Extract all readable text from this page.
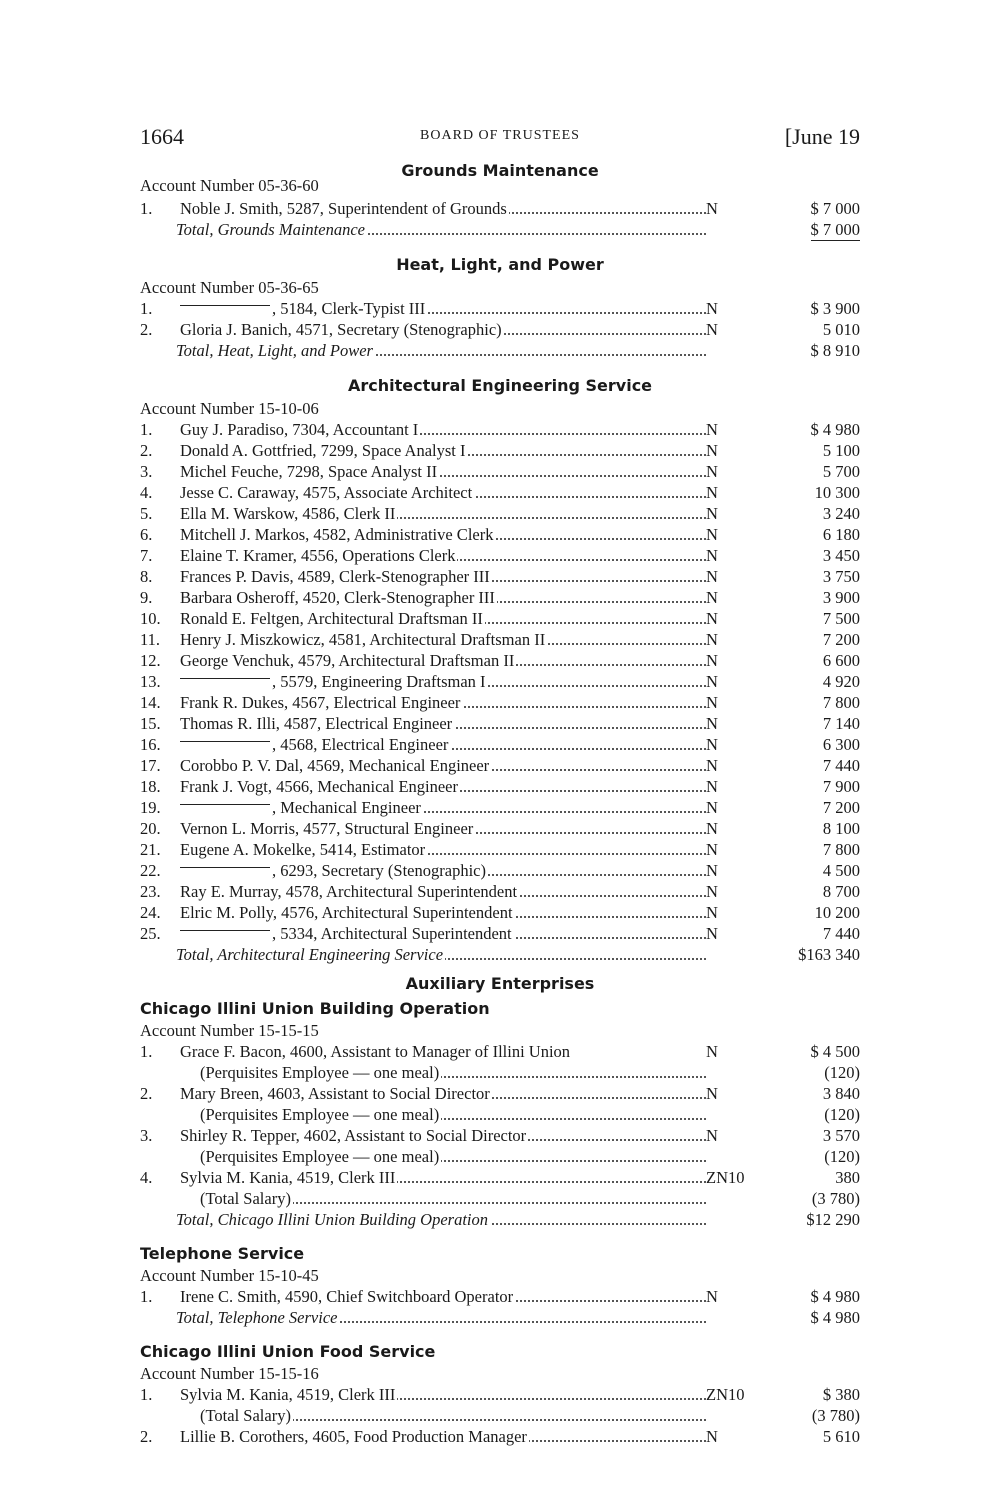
1664	BOARD OF TRUSTEES	[June 19
Grounds Maintenance
Account Number 05-36-60
1.	Noble J. Smith, 5287, Superintendent of Grounds	N	$ 7 000
Total, Grounds Maintenance	$ 7 000
Heat, Light, and Power
Account Number 05-36-65
1.	, 5184, Clerk-Typist III	N	$ 3 900
2.	Gloria J. Banich, 4571, Secretary (Stenographic)	N	5 010
Total, Heat, Light, and Power	$ 8 910
Architectural Engineering Service
Account Number 15-10-06
1.	Guy J. Paradiso, 7304, Accountant I	N	$ 4 980
2.	Donald A. Gottfried, 7299, Space Analyst I	N	5 100
3.	Michel Feuche, 7298, Space Analyst II	N	5 700
4.	Jesse C. Caraway, 4575, Associate Architect	N	10 300
5.	Ella M. Warskow, 4586, Clerk II	N	3 240
6.	Mitchell J. Markos, 4582, Administrative Clerk	N	6 180
7.	Elaine T. Kramer, 4556, Operations Clerk	N	3 450
8.	Frances P. Davis, 4589, Clerk-Stenographer III	N	3 750
9.	Barbara Osheroff, 4520, Clerk-Stenographer III	N	3 900
10.	Ronald E. Feltgen, Architectural Draftsman II	N	7 500
11.	Henry J. Miszkowicz, 4581, Architectural Draftsman II	N	7 200
12.	George Venchuk, 4579, Architectural Draftsman II	N	6 600
13.	, 5579, Engineering Draftsman I	N	4 920
14.	Frank R. Dukes, 4567, Electrical Engineer	N	7 800
15.	Thomas R. Illi, 4587, Electrical Engineer	N	7 140
16.	, 4568, Electrical Engineer	N	6 300
17.	Corobbo P. V. Dal, 4569, Mechanical Engineer	N	7 440
18.	Frank J. Vogt, 4566, Mechanical Engineer	N	7 900
19.	, Mechanical Engineer	N	7 200
20.	Vernon L. Morris, 4577, Structural Engineer	N	8 100
21.	Eugene A. Mokelke, 5414, Estimator	N	7 800
22.	, 6293, Secretary (Stenographic)	N	4 500
23.	Ray E. Murray, 4578, Architectural Superintendent	N	8 700
24.	Elric M. Polly, 4576, Architectural Superintendent	N	10 200
25.	, 5334, Architectural Superintendent	N	7 440
Total, Architectural Engineering Service	$163 340
Auxiliary Enterprises
Chicago Illini Union Building Operation
Account Number 15-15-15
1.	Grace F. Bacon, 4600, Assistant to Manager of Illini Union	N	$ 4 500
(Perquisites Employee — one meal)	(120)
2.	Mary Breen, 4603, Assistant to Social Director	N	3 840
(Perquisites Employee — one meal)	(120)
3.	Shirley R. Tepper, 4602, Assistant to Social Director	N	3 570
(Perquisites Employee — one meal)	(120)
4.	Sylvia M. Kania, 4519, Clerk III	ZN10	380
(Total Salary)	(3 780)
Total, Chicago Illini Union Building Operation	$12 290
Telephone Service
Account Number 15-10-45
1.	Irene C. Smith, 4590, Chief Switchboard Operator	N	$ 4 980
Total, Telephone Service	$ 4 980
Chicago Illini Union Food Service
Account Number 15-15-16
1.	Sylvia M. Kania, 4519, Clerk III	ZN10	$ 380
(Total Salary)	(3 780)
2.	Lillie B. Corothers, 4605, Food Production Manager	N	5 610
